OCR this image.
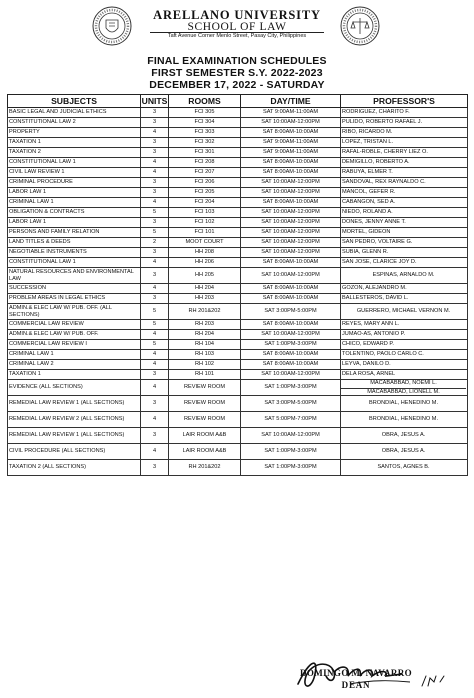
ARELLANO UNIVERSITY
SCHOOL OF LAW
Taft Avenue Corner Menlo Street, Pasay City, Philippines
FINAL EXAMINATION SCHEDULES
FIRST SEMESTER S.Y. 2022-2023
DECEMBER 17, 2022 - SATURDAY
SUBJECTS	UNITS	ROOMS	DAY/TIME	PROFESSOR'S
BASIC LEGAL AND JUDICIAL ETHICS	3	FCI 305	SAT 9:00AM-11:00AM	RODRIGUEZ, CHARITO F.

CONSTITUTIONAL LAW 2	3	FCI 304	SAT 10:00AM-12:00PM	PULIDO, ROBERTO RAFAEL J.

PROPERTY	4	FCI 303	SAT 8:00AM-10:00AM	RIBO, RICARDO M.

TAXATION 1	3	FCI 302	SAT 9:00AM-11:00AM	LOPEZ, TRISTAN L.

TAXATION 2	3	FCI 301	SAT 9:00AM-11:00AM	RAFAL-ROBLE, CHERRY LIEZ O.

CONSTITUTIONAL LAW 1	4	FCI 208	SAT 8:00AM-10:00AM	DEMIGILLO, ROBERTO A.

CIVIL LAW REVIEW 1	4	FCI 207	SAT 8:00AM-10:00AM	RABUYA, ELMER T.

CRIMINAL PROCEDURE	3	FCI 206	SAT 10:00AM-12:00PM	SANDOVAL, REX RAYNALDO C.

LABOR LAW 1	3	FCI 205	SAT 10:00AM-12:00PM	MANCOL, GEFER R.

CRIMINAL LAW 1	4	FCI 204	SAT 8:00AM-10:00AM	CABANGON, SED A.

OBLIGATION & CONTRACTS	5	FCI 103	SAT 10:00AM-12:00PM	NIEDO, ROLAND A.

LABOR LAW 1	3	FCI 102	SAT 10:00AM-12:00PM	DONES, JENNY ANNE T.

PERSONS AND FAMILY RELATION	5	FCI 101	SAT 10:00AM-12:00PM	MORTEL, GIDEON

LAND TITLES & DEEDS	2	MOOT COURT	SAT 10:00AM-12:00PM	SAN PEDRO, VOLTAIRE G.

NEGOTIABLE INSTRUMENTS	3	HH 208	SAT 10:00AM-12:00PM	SUBIA, GLENN R.

CONSTITUTIONAL LAW 1	4	HH 206	SAT 8:00AM-10:00AM	SAN JOSE, CLARICE JOY D.

NATURAL RESOURCES AND ENVIRONMENTAL LAW	3	HH 205	SAT 10:00AM-12:00PM	ESPINAS, ARNALDO M.

SUCCESSION	4	HH 204	SAT 8:00AM-10:00AM	GOZON, ALEJANDRO M.

PROBLEM AREAS IN LEGAL ETHICS	3	HH 203	SAT 8:00AM-10:00AM	BALLESTEROS, DAVID L.

ADMIN.& ELEC LAW W/ PUB. OFF. (ALL SECTIONS)	5	RH 201&202	SAT 3:00PM-5:00PM	GUERRERO, MICHAEL VERNON M.

COMMERCIAL LAW REVIEW	5	RH 203	SAT 8:00AM-10:00AM	REYES, MARY ANN L.

ADMIN.& ELEC LAW W/ PUB. OFF.	4	RH 204	SAT 10:00AM-12:00PM	JUMAO-AS, ANTONIO P.

COMMERCIAL LAW REVIEW I	5	RH 104	SAT 1:00PM-3:00PM	CHICO, EDWARD P.

CRIMINAL LAW 1	4	RH 103	SAT 8:00AM-10:00AM	TOLENTINO, PAOLO CARLO C.

CRIMINAL LAW 2	4	RH 102	SAT 8:00AM-10:00AM	LEYVA, DANILO D.

TAXATION 1	3	RH 101	SAT 10:00AM-12:00PM	DELA ROSA, ARNEL

EVIDENCE (ALL SECTIONS)	4	REVIEW ROOM	SAT 1:00PM-3:00PM	MACABABBAD, NOEMI L.
MACABABBAD, LIONELL M.

REMEDIAL LAW REVIEW 1 (ALL SECTIONS)	3	REVIEW ROOM	SAT 3:00PM-5:00PM	BRONDIAL, HENEDINO M.

REMEDIAL LAW REVIEW 2 (ALL SECTIONS)	4	REVIEW ROOM	SAT 5:00PM-7:00PM	BRONDIAL, HENEDINO M.

REMEDIAL LAW REVIEW 1 (ALL SECTIONS)	3	LAIR ROOM A&B	SAT 10:00AM-12:00PM	OBRA, JESUS A.

CIVIL PROCEDURE (ALL SECTIONS)	4	LAIR ROOM A&B	SAT 1:00PM-3:00PM	OBRA, JESUS A.

TAXATION 2 (ALL SECTIONS)	3	RH 201&202	SAT 1:00PM-3:00PM	SANTOS, AGNES B.
DOMINGO M. NAVARRO
DEAN
